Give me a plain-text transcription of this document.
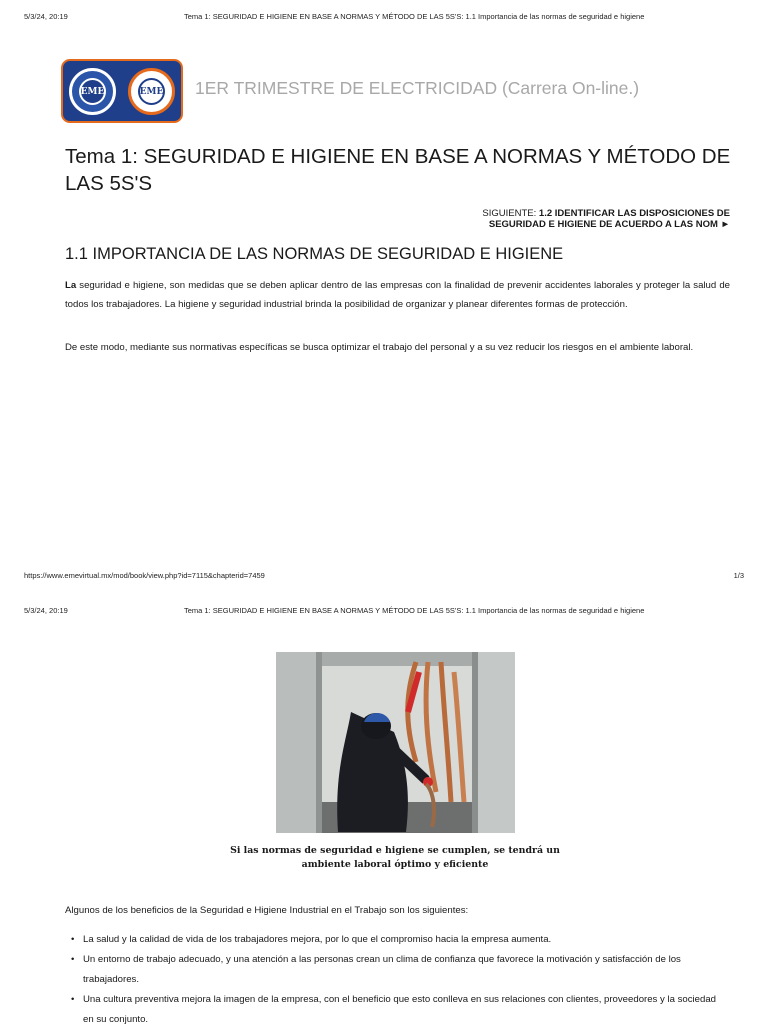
5/3/24, 20:19	Tema 1: SEGURIDAD E HIGIENE EN BASE A NORMAS Y MÉTODO DE LAS 5S'S: 1.1 Importancia de las normas de seguridad e higiene
EME	EME	1ER TRIMESTRE DE ELECTRICIDAD (Carrera On-line.)
Tema 1: SEGURIDAD E HIGIENE EN BASE A NORMAS Y MÉTODO DE LAS 5S'S
SIGUIENTE: 1.2 IDENTIFICAR LAS DISPOSICIONES DE SEGURIDAD E HIGIENE DE ACUERDO A LAS NOM ►
1.1 IMPORTANCIA DE LAS NORMAS DE SEGURIDAD E HIGIENE

La seguridad e higiene, son medidas que se deben aplicar dentro de las empresas con la finalidad de prevenir accidentes laborales y proteger la salud de todos los trabajadores. La higiene y seguridad industrial brinda la posibilidad de organizar y planear diferentes formas de protección.

De este modo, mediante sus normativas específicas se busca optimizar el trabajo del personal y a su vez reducir los riesgos en el ambiente laboral.

https://www.emevirtual.mx/mod/book/view.php?id=7115&chapterid=7459	1/3
5/3/24, 20:19	Tema 1: SEGURIDAD E HIGIENE EN BASE A NORMAS Y MÉTODO DE LAS 5S'S: 1.1 Importancia de las normas de seguridad e higiene

Si las normas de seguridad e higiene se cumplen, se tendrá un ambiente laboral óptimo y eficiente

Algunos de los beneficios de la Seguridad e Higiene Industrial en el Trabajo son los siguientes:

• La salud y la calidad de vida de los trabajadores mejora, por lo que el compromiso hacia la empresa aumenta.
• Un entorno de trabajo adecuado, y una atención a las personas crean un clima de confianza que favorece la motivación y satisfacción de los trabajadores.
• Una cultura preventiva mejora la imagen de la empresa, con el beneficio que esto conlleva en sus relaciones con clientes, proveedores y la sociedad en su conjunto.
